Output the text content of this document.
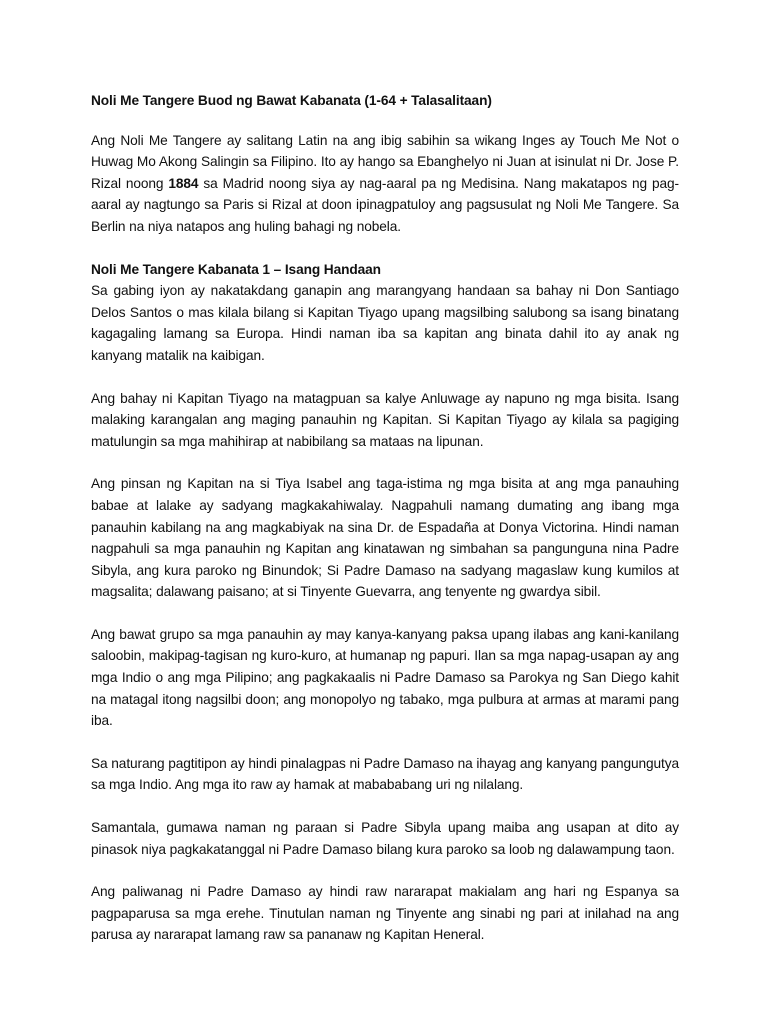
Noli Me Tangere Buod ng Bawat Kabanata (1-64 + Talasalitaan)

Ang Noli Me Tangere ay salitang Latin na ang ibig sabihin sa wikang Inges ay Touch Me Not o Huwag Mo Akong Salingin sa Filipino. Ito ay hango sa Ebanghelyo ni Juan at isinulat ni Dr. Jose P. Rizal noong 1884 sa Madrid noong siya ay nag-aaral pa ng Medisina. Nang makatapos ng pag-aaral ay nagtungo sa Paris si Rizal at doon ipinagpatuloy ang pagsusulat ng Noli Me Tangere. Sa Berlin na niya natapos ang huling bahagi ng nobela.

Noli Me Tangere Kabanata 1 – Isang Handaan

Sa gabing iyon ay nakatakdang ganapin ang marangyang handaan sa bahay ni Don Santiago Delos Santos o mas kilala bilang si Kapitan Tiyago upang magsilbing salubong sa isang binatang kagagaling lamang sa Europa. Hindi naman iba sa kapitan ang binata dahil ito ay anak ng kanyang matalik na kaibigan.

Ang bahay ni Kapitan Tiyago na matagpuan sa kalye Anluwage ay napuno ng mga bisita. Isang malaking karangalan ang maging panauhin ng Kapitan. Si Kapitan Tiyago ay kilala sa pagiging matulungin sa mga mahihirap at nabibilang sa mataas na lipunan.

Ang pinsan ng Kapitan na si Tiya Isabel ang taga-istima ng mga bisita at ang mga panauhing babae at lalake ay sadyang magkakahiwalay. Nagpahuli namang dumating ang ibang mga panauhin kabilang na ang magkabiyak na sina Dr. de Espadaña at Donya Victorina. Hindi naman nagpahuli sa mga panauhin ng Kapitan ang kinatawan ng simbahan sa pangunguna nina Padre Sibyla, ang kura paroko ng Binundok; Si Padre Damaso na sadyang magaslaw kung kumilos at magsalita; dalawang paisano; at si Tinyente Guevarra, ang tenyente ng gwardya sibil.

Ang bawat grupo sa mga panauhin ay may kanya-kanyang paksa upang ilabas ang kani-kanilang saloobin, makipag-tagisan ng kuro-kuro, at humanap ng papuri. Ilan sa mga napag-usapan ay ang mga Indio o ang mga Pilipino; ang pagkakaalis ni Padre Damaso sa Parokya ng San Diego kahit na matagal itong nagsilbi doon; ang monopolyo ng tabako, mga pulbura at armas at marami pang iba.

Sa naturang pagtitipon ay hindi pinalagpas ni Padre Damaso na ihayag ang kanyang pangungutya sa mga Indio. Ang mga ito raw ay hamak at mabababang uri ng nilalang.

Samantala, gumawa naman ng paraan si Padre Sibyla upang maiba ang usapan at dito ay pinasok niya pagkakatanggal ni Padre Damaso bilang kura paroko sa loob ng dalawampung taon.

Ang paliwanag ni Padre Damaso ay hindi raw nararapat makialam ang hari ng Espanya sa pagpaparusa sa mga erehe. Tinutulan naman ng Tinyente ang sinabi ng pari at inilahad na ang parusa ay nararapat lamang raw sa pananaw ng Kapitan Heneral.
